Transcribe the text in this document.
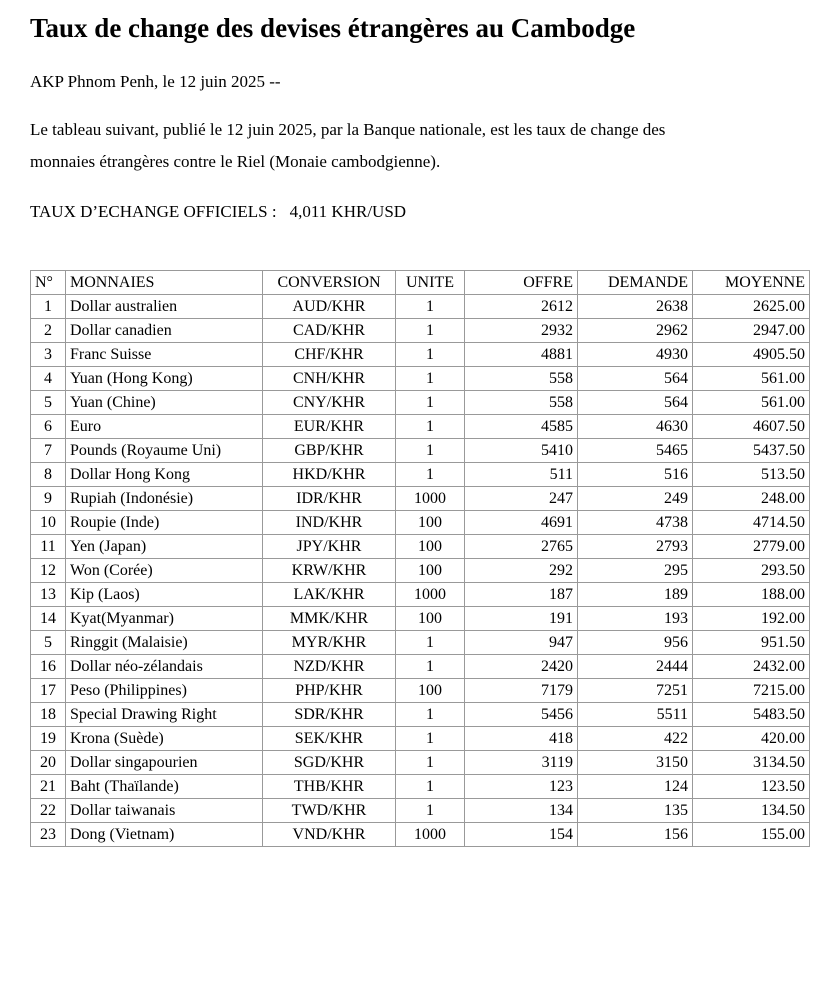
Taux de change des devises étrangères au Cambodge
AKP Phnom Penh, le 12 juin 2025 --
Le tableau suivant, publié le 12 juin 2025, par la Banque nationale, est les taux de change des
monnaies étrangères contre le Riel (Monaie cambodgienne).
TAUX D’ECHANGE OFFICIELS : 4,011 KHR/USD
N°	MONNAIES	CONVERSION	UNITE	OFFRE	DEMANDE	MOYENNE
1	Dollar australien	AUD/KHR	1	2612	2638	2625.00
2	Dollar canadien	CAD/KHR	1	2932	2962	2947.00
3	Franc Suisse	CHF/KHR	1	4881	4930	4905.50
4	Yuan (Hong Kong)	CNH/KHR	1	558	564	561.00
5	Yuan (Chine)	CNY/KHR	1	558	564	561.00
6	Euro	EUR/KHR	1	4585	4630	4607.50
7	Pounds (Royaume Uni)	GBP/KHR	1	5410	5465	5437.50
8	Dollar Hong Kong	HKD/KHR	1	511	516	513.50
9	Rupiah (Indonésie)	IDR/KHR	1000	247	249	248.00
10	Roupie (Inde)	IND/KHR	100	4691	4738	4714.50
11	Yen (Japan)	JPY/KHR	100	2765	2793	2779.00
12	Won (Corée)	KRW/KHR	100	292	295	293.50
13	Kip (Laos)	LAK/KHR	1000	187	189	188.00
14	Kyat(Myanmar)	MMK/KHR	100	191	193	192.00
5	Ringgit (Malaisie)	MYR/KHR	1	947	956	951.50
16	Dollar néo-zélandais	NZD/KHR	1	2420	2444	2432.00
17	Peso (Philippines)	PHP/KHR	100	7179	7251	7215.00
18	Special Drawing Right	SDR/KHR	1	5456	5511	5483.50
19	Krona (Suède)	SEK/KHR	1	418	422	420.00
20	Dollar singapourien	SGD/KHR	1	3119	3150	3134.50
21	Baht (Thaïlande)	THB/KHR	1	123	124	123.50
22	Dollar taiwanais	TWD/KHR	1	134	135	134.50
23	Dong (Vietnam)	VND/KHR	1000	154	156	155.00
